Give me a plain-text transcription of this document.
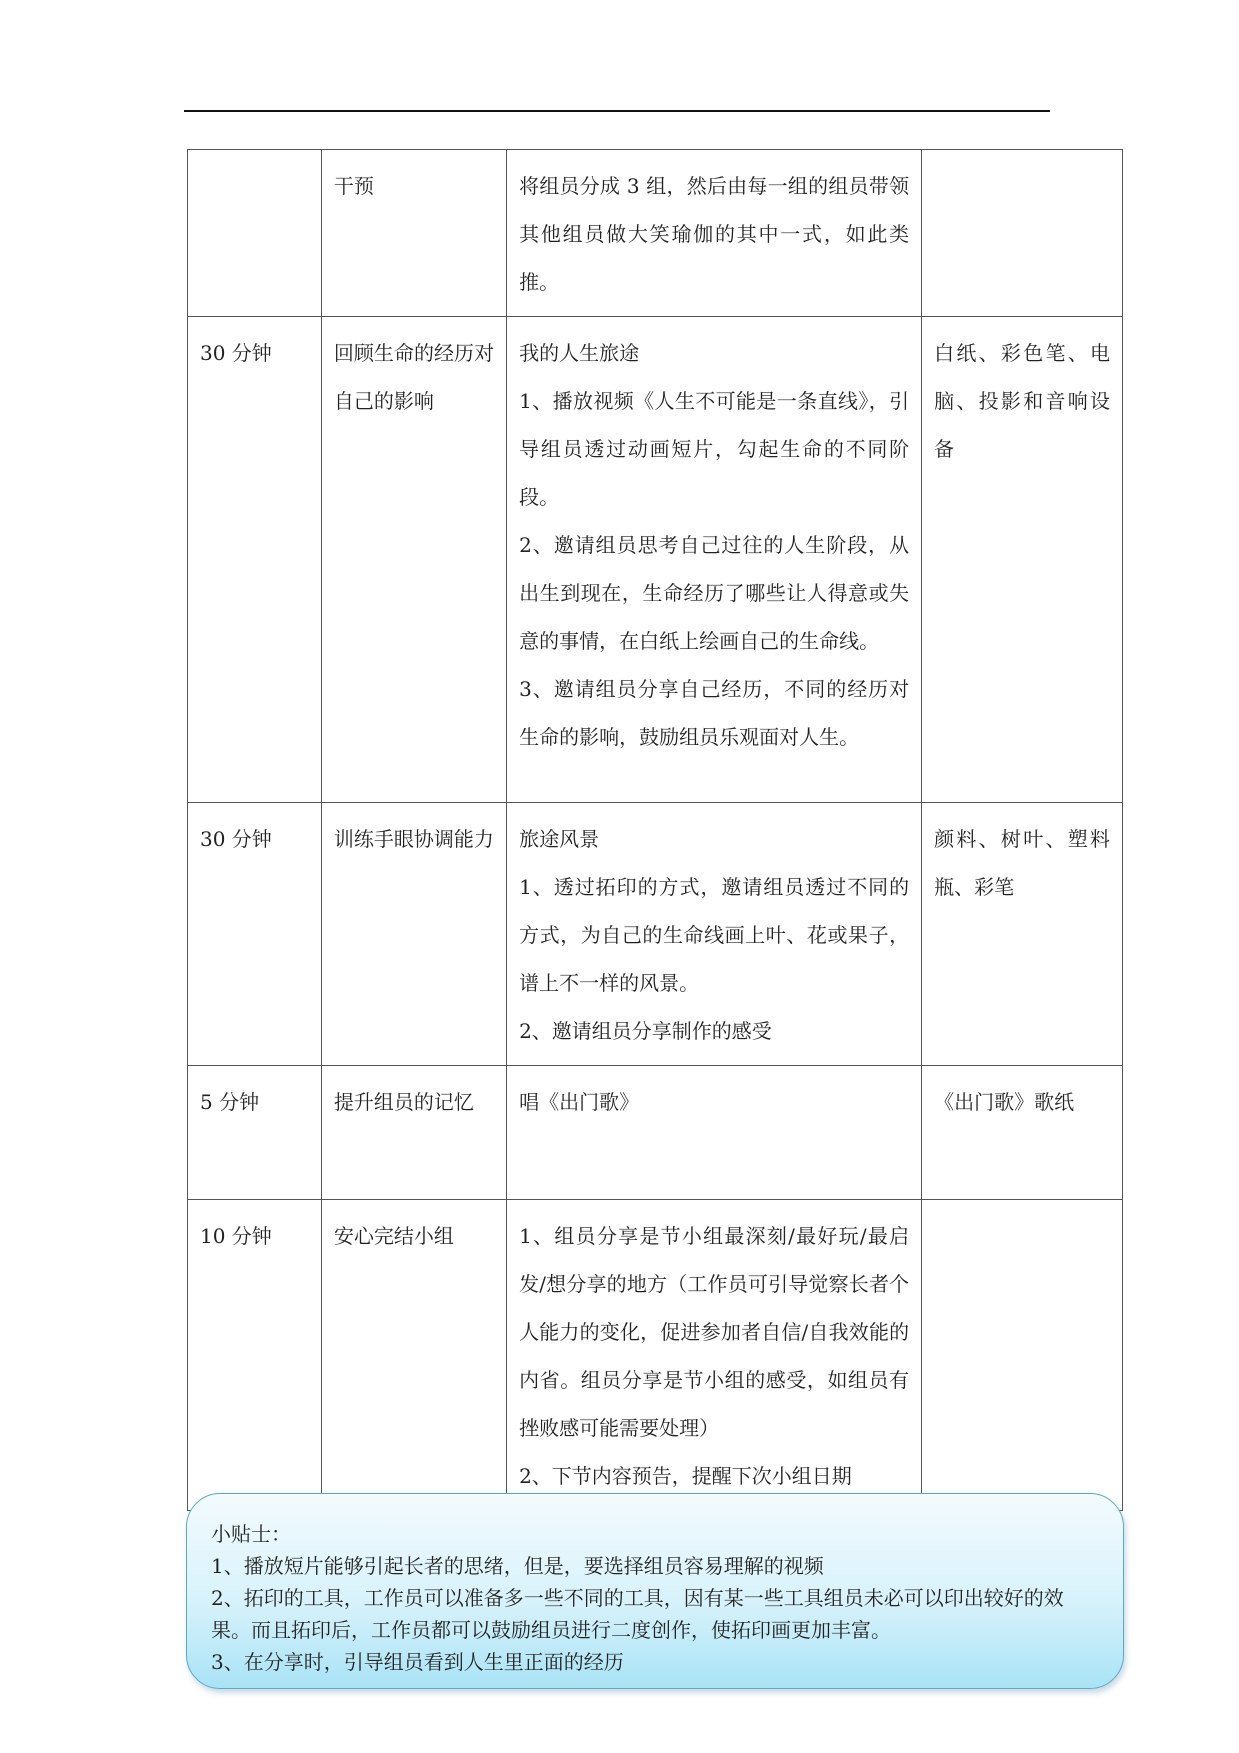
	干预	将组员分成 3 组，然后由每一组的组员带领其他组员做大笑瑜伽的其中一式，如此类推。	

30 分钟	回顾生命的经历对自己的影响	我的人生旅途
1、播放视频《人生不可能是一条直线》，引导组员透过动画短片，勾起生命的不同阶段。
2、邀请组员思考自己过往的人生阶段，从出生到现在，生命经历了哪些让人得意或失意的事情，在白纸上绘画自己的生命线。
3、邀请组员分享自己经历，不同的经历对生命的影响，鼓励组员乐观面对人生。	白纸、彩色笔、电脑、投影和音响设备
30 分钟	训练手眼协调能力	旅途风景
1、透过拓印的方式，邀请组员透过不同的方式，为自己的生命线画上叶、花或果子，谱上不一样的风景。
2、邀请组员分享制作的感受	颜料、树叶、塑料瓶、彩笔
5 分钟	提升组员的记忆	唱《出门歌》	《出门歌》歌纸
10 分钟	安心完结小组	1、组员分享是节小组最深刻/最好玩/最启发/想分享的地方（工作员可引导觉察长者个人能力的变化，促进参加者自信/自我效能的内省。组员分享是节小组的感受，如组员有挫败感可能需要处理）
2、下节内容预告，提醒下次小组日期	

小贴士：
1、播放短片能够引起长者的思绪，但是，要选择组员容易理解的视频
2、拓印的工具，工作员可以准备多一些不同的工具，因有某一些工具组员未必可以印出较好的效果。而且拓印后，工作员都可以鼓励组员进行二度创作，使拓印画更加丰富。
3、在分享时，引导组员看到人生里正面的经历
